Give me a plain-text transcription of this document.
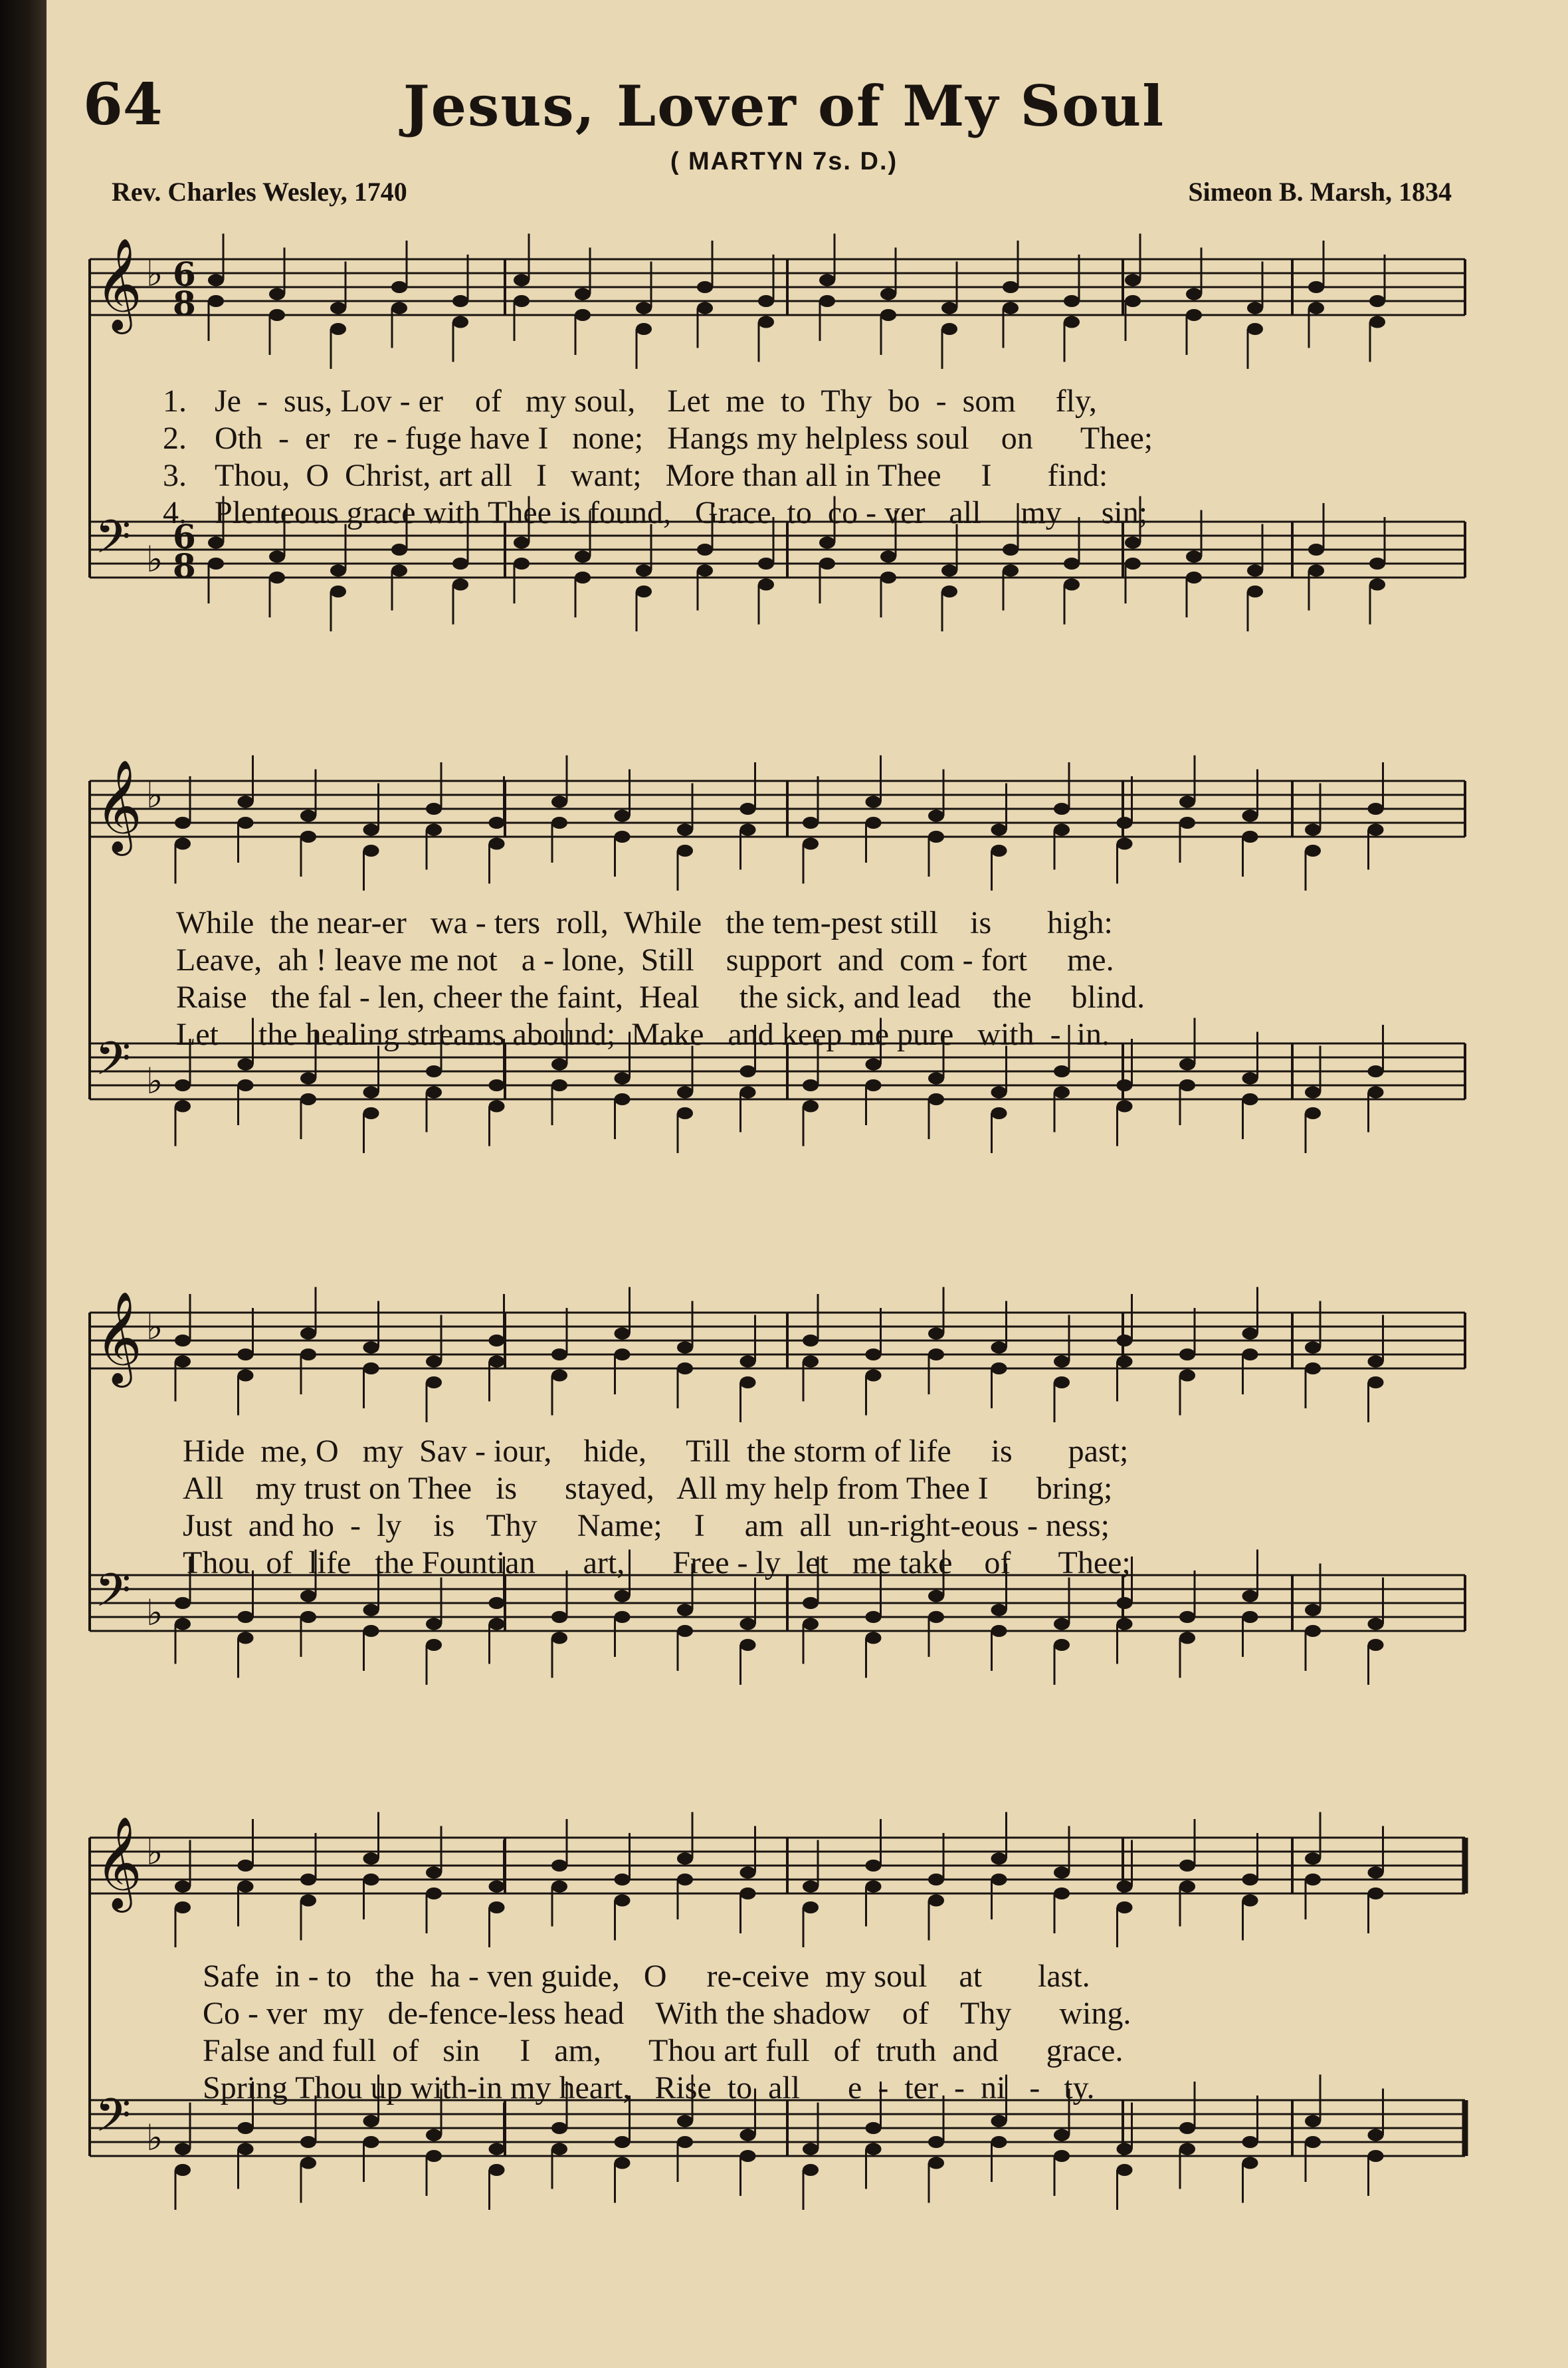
64	Jesus, Lover of My Soul
( MARTYN 7s. D.)
Rev. Charles Wesley, 1740	Simeon B. Marsh, 1834
𝄞 ♭ 6
8
𝄢 ♭
6
8
1. Je  -  sus, Lov - er    of   my soul,    Let  me  to  Thy  bo  -  som     fly,
2. Oth  -  er   re - fuge have I   none;   Hangs my helpless soul    on      Thee;
3. Thou,  O  Christ, art all   I   want;   More than all in Thee     I       find:
4. Plenteous grace with Thee is found,   Grace  to  co - ver   all     my     sin;
𝄞 ♭
𝄢 ♭
While  the near-er   wa - ters  roll,  While   the tem-pest still    is       high:
Leave,  ah ! leave me not   a - lone,  Still    support  and  com - fort     me.
Raise   the fal - len, cheer the faint,  Heal     the sick, and lead    the     blind.
Let     the healing streams abound;  Make   and keep me pure   with  -  in.
𝄞 ♭
𝄢 ♭
Hide  me, O   my  Sav - iour,    hide,     Till  the storm of life     is       past;
All    my trust on Thee   is      stayed,   All my help from Thee I      bring;
Just  and ho  -  ly    is    Thy     Name;    I     am  all  un-right-eous - ness;
Thou  of  life   the Fountian      art,      Free - ly  let   me take    of      Thee;
𝄞 ♭
𝄢 ♭
Safe  in - to   the  ha - ven guide,   O     re-ceive  my soul    at       last.
Co - ver  my   de-fence-less head    With the shadow    of    Thy      wing.
False and full  of   sin     I   am,      Thou art full   of  truth  and      grace.
Spring Thou up with-in my heart,   Rise  to  all      e  -  ter  -  ni   -   ty.
